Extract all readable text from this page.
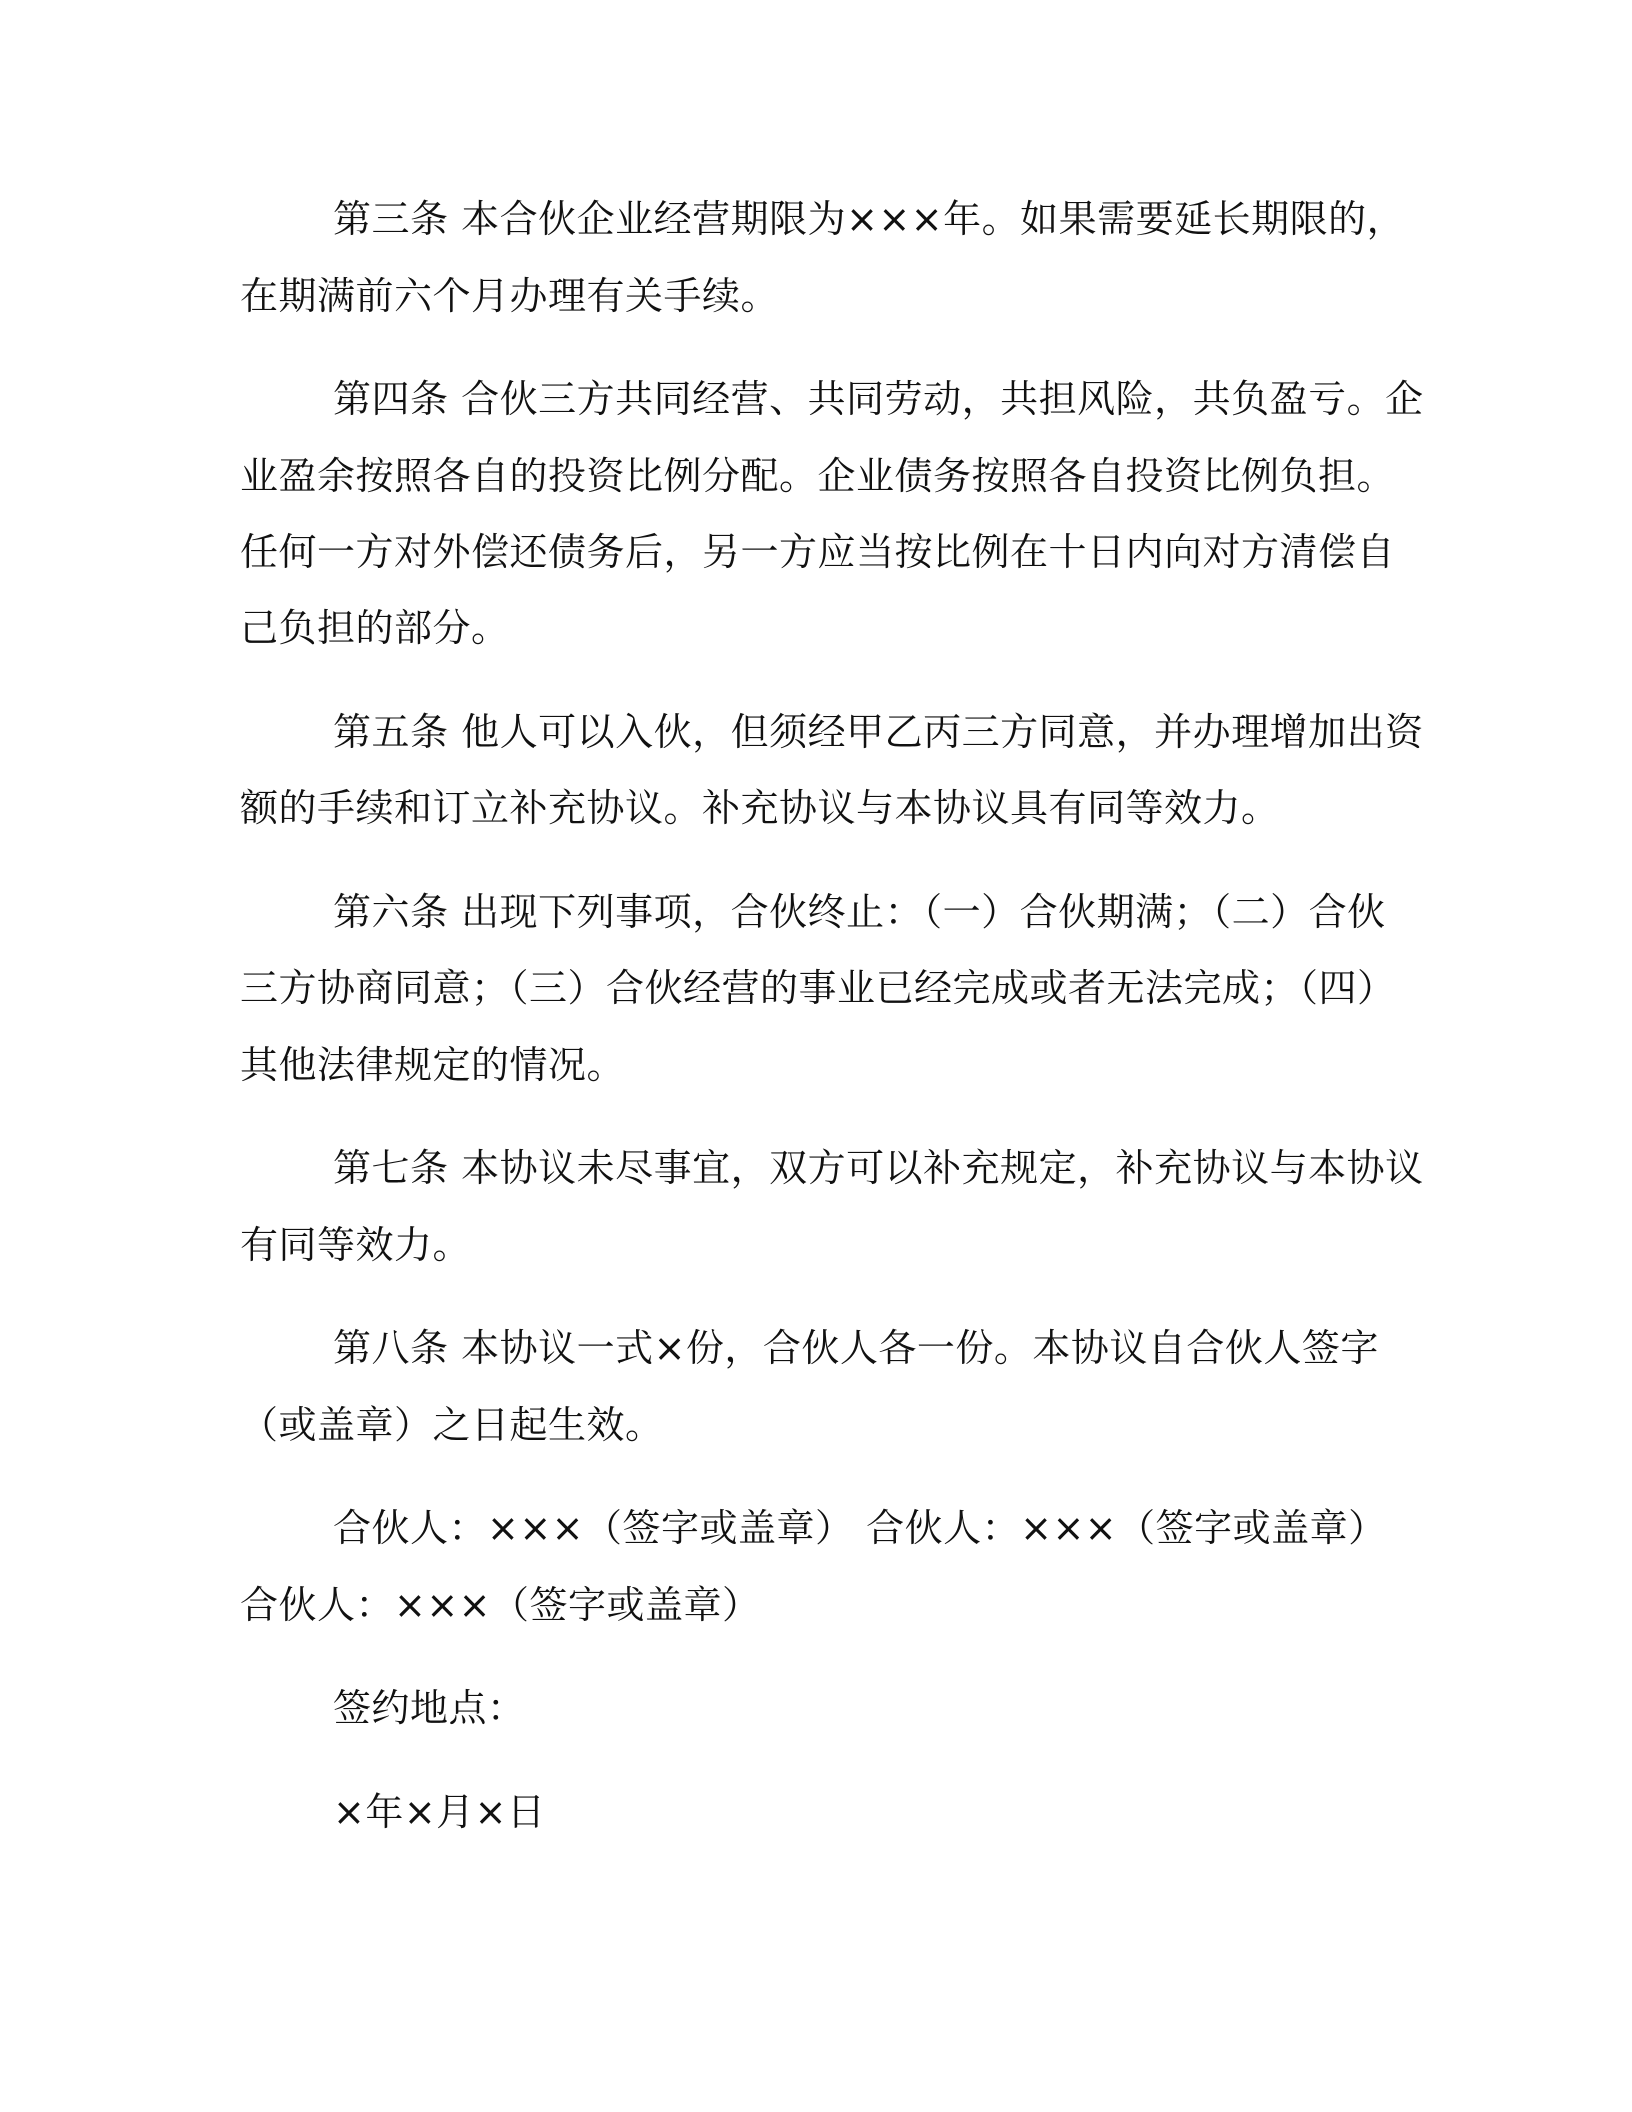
第三条 本合伙企业经营期限为×××年。如果需要延长期限的，
在期满前六个月办理有关手续。
第四条 合伙三方共同经营、共同劳动，共担风险，共负盈亏。企
业盈余按照各自的投资比例分配。企业债务按照各自投资比例负担。
任何一方对外偿还债务后，另一方应当按比例在十日内向对方清偿自
己负担的部分。
第五条 他人可以入伙，但须经甲乙丙三方同意，并办理增加出资
额的手续和订立补充协议。补充协议与本协议具有同等效力。
第六条 出现下列事项，合伙终止：（一）合伙期满；（二）合伙
三方协商同意；（三）合伙经营的事业已经完成或者无法完成；（四）
其他法律规定的情况。
第七条 本协议未尽事宜，双方可以补充规定，补充协议与本协议
有同等效力。
第八条 本协议一式×份，合伙人各一份。本协议自合伙人签字
（或盖章）之日起生效。
合伙人：×××（签字或盖章） 合伙人：×××（签字或盖章）
合伙人：×××（签字或盖章）
签约地点：
×年×月×日
